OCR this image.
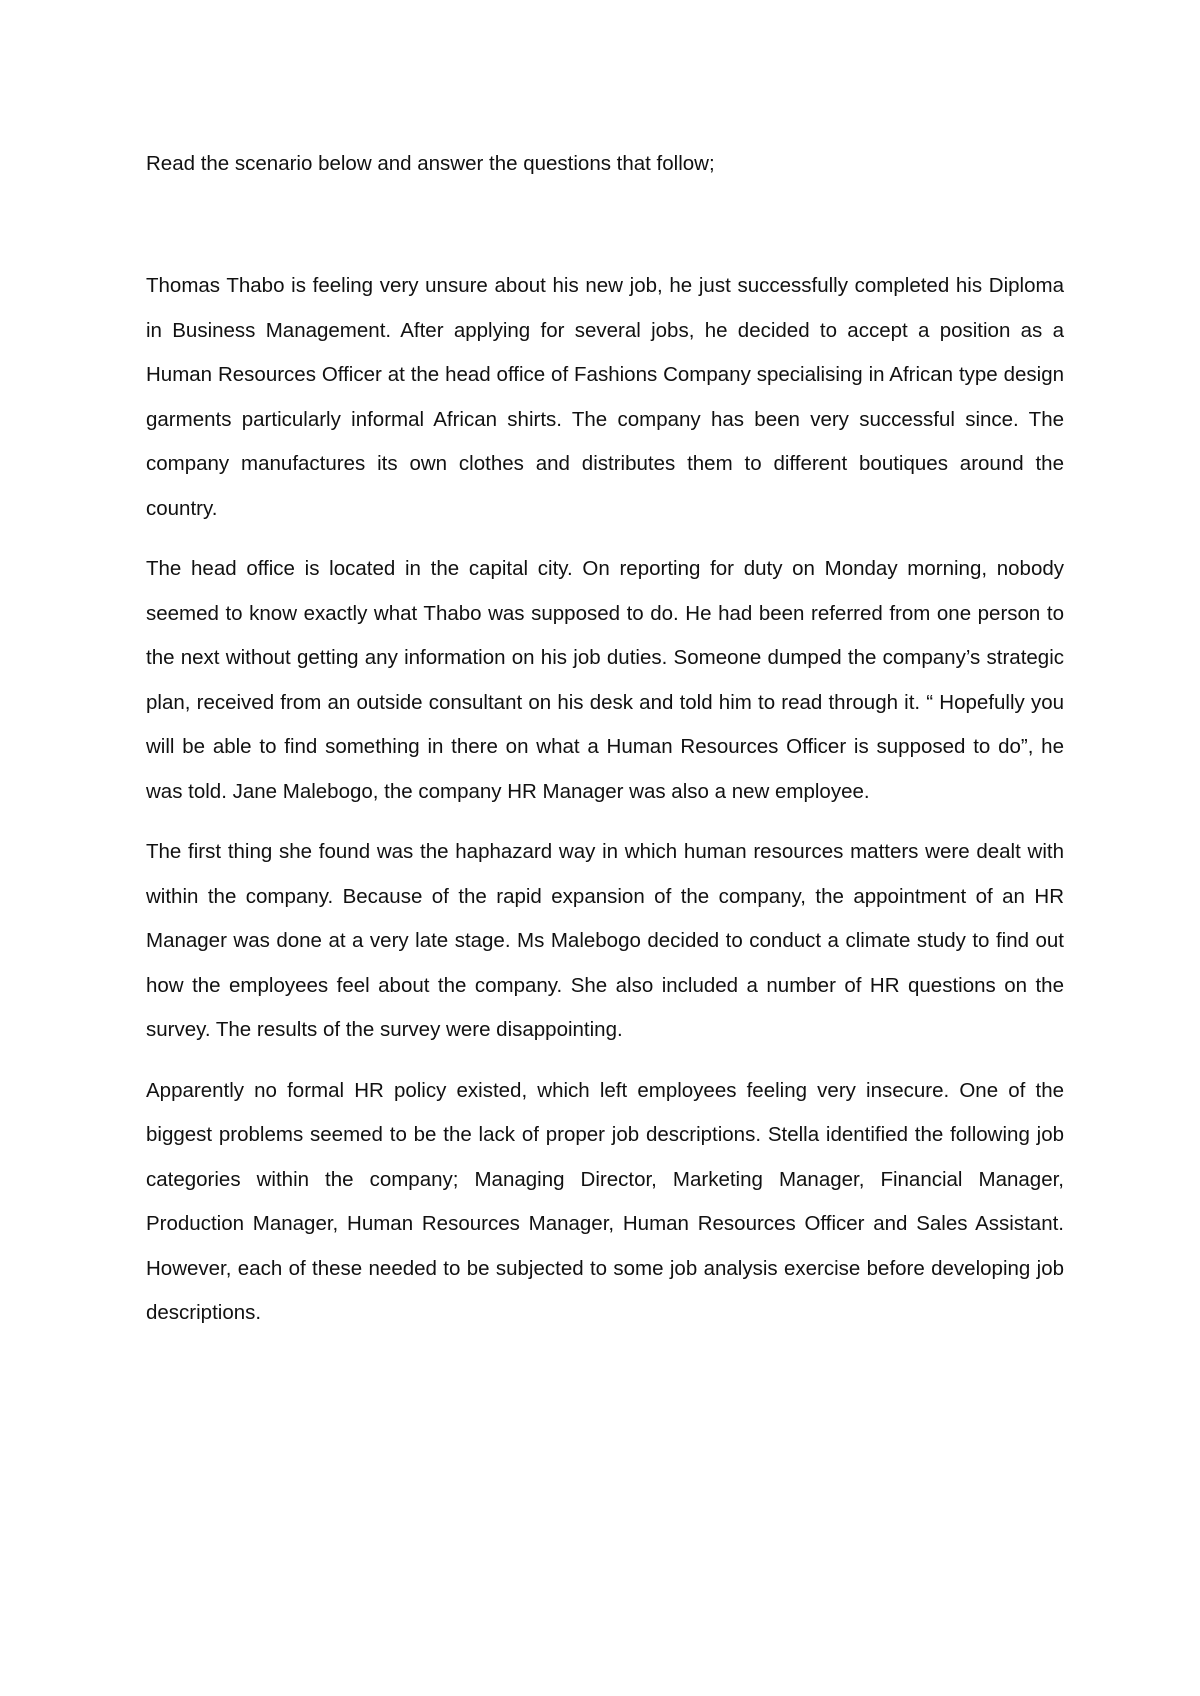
Read the scenario below and answer the questions that follow;

Thomas Thabo is feeling very unsure about his new job, he just successfully completed his Diploma in Business Management. After applying for several jobs, he decided to accept a position as a Human Resources Officer at the head office of Fashions Company specialising in African type design garments particularly informal African shirts. The company has been very successful since. The company manufactures its own clothes and distributes them to different boutiques around the country.

The head office is located in the capital city. On reporting for duty on Monday morning, nobody seemed to know exactly what Thabo was supposed to do. He had been referred from one person to the next without getting any information on his job duties. Someone dumped the company’s strategic plan, received from an outside consultant on his desk and told him to read through it. “ Hopefully you will be able to find something in there on what a Human Resources Officer is supposed to do”, he was told. Jane Malebogo, the company HR Manager was also a new employee.

The first thing she found was the haphazard way in which human resources matters were dealt with within the company. Because of the rapid expansion of the company, the appointment of an HR Manager was done at a very late stage. Ms Malebogo decided to conduct a climate study to find out how the employees feel about the company. She also included a number of HR questions on the survey. The results of the survey were disappointing.

Apparently no formal HR policy existed, which left employees feeling very insecure. One of the biggest problems seemed to be the lack of proper job descriptions. Stella identified the following job categories within the company; Managing Director, Marketing Manager, Financial Manager, Production Manager, Human Resources Manager, Human Resources Officer and Sales Assistant. However, each of these needed to be subjected to some job analysis exercise before developing job descriptions.
